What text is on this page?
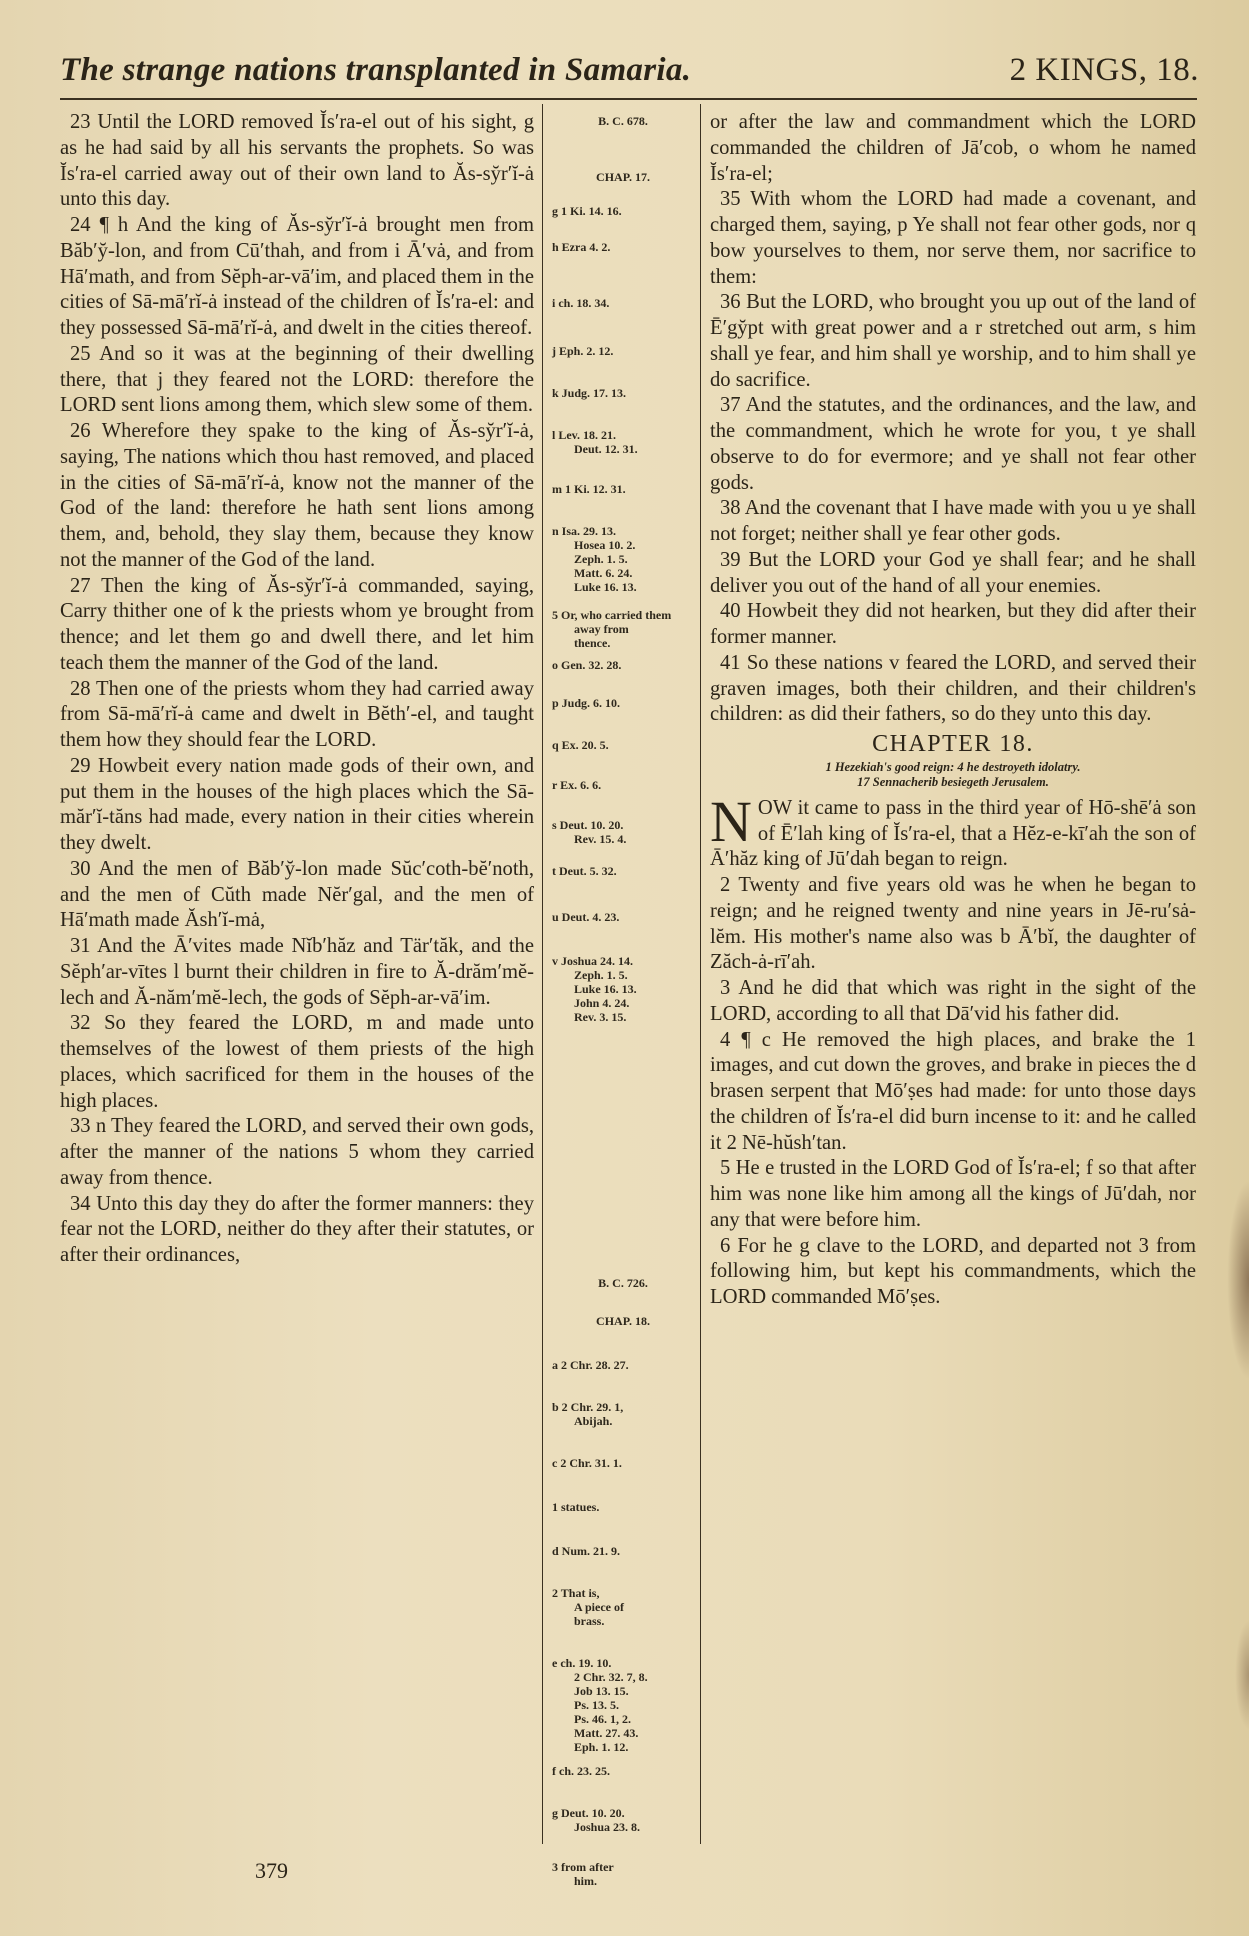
The strange nations transplanted in Samaria.	2 KINGS, 18.

23 Until the LORD removed Ĭs′ra-el out of his sight, g as he had said by all his servants the prophets. So was Ĭs′ra-el carried away out of their own land to Ăs-sy̆r′ĭ-ȧ unto this day.

24 ¶ h And the king of Ăs-sy̆r′ĭ-ȧ brought men from Băb′y̆-lon, and from Cū′thah, and from i Ā′vȧ, and from Hā′math, and from Sĕph-ar-vā′im, and placed them in the cities of Sā-mā′rĭ-ȧ instead of the children of Ĭs′ra-el: and they possessed Sā-mā′rĭ-ȧ, and dwelt in the cities thereof.

25 And so it was at the beginning of their dwelling there, that j they feared not the LORD: therefore the LORD sent lions among them, which slew some of them.

26 Wherefore they spake to the king of Ăs-sy̆r′ĭ-ȧ, saying, The nations which thou hast removed, and placed in the cities of Sā-mā′rĭ-ȧ, know not the manner of the God of the land: therefore he hath sent lions among them, and, behold, they slay them, because they know not the manner of the God of the land.

27 Then the king of Ăs-sy̆r′ĭ-ȧ commanded, saying, Carry thither one of k the priests whom ye brought from thence; and let them go and dwell there, and let him teach them the manner of the God of the land.

28 Then one of the priests whom they had carried away from Sā-mā′rĭ-ȧ came and dwelt in Bĕth′-el, and taught them how they should fear the LORD.

29 Howbeit every nation made gods of their own, and put them in the houses of the high places which the Sā-măr′ĭ-tăns had made, every nation in their cities wherein they dwelt.

30 And the men of Băb′y̆-lon made Sŭc′coth-bĕ′noth, and the men of Cŭth made Nĕr′gal, and the men of Hā′math made Ăsh′ĭ-mȧ,

31 And the Ā′vites made Nĭb′hăz and Tär′tăk, and the Sĕph′ar-vītes l burnt their children in fire to Ă-drăm′mĕ-lech and Ă-năm′mĕ-lech, the gods of Sĕph-ar-vā′im.

32 So they feared the LORD, m and made unto themselves of the lowest of them priests of the high places, which sacrificed for them in the houses of the high places.

33 n They feared the LORD, and served their own gods, after the manner of the nations 5 whom they carried away from thence.

34 Unto this day they do after the former manners: they fear not the LORD, neither do they after their statutes, or after their ordinances,

B. C. 678.
CHAP. 17.
g 1 Ki. 14. 16.
h Ezra 4. 2.
i ch. 18. 34.
j Eph. 2. 12.
k Judg. 17. 13.
l Lev. 18. 21.
Deut. 12. 31.
m 1 Ki. 12. 31.
n Isa. 29. 13.
Hosea 10. 2.
Zeph. 1. 5.
Matt. 6. 24.
Luke 16. 13.
5 Or, who carried them
away from
thence.
o Gen. 32. 28.
p Judg. 6. 10.
q Ex. 20. 5.
r Ex. 6. 6.
s Deut. 10. 20.
Rev. 15. 4.
t Deut. 5. 32.
u Deut. 4. 23.
v Joshua 24. 14.
Zeph. 1. 5.
Luke 16. 13.
John 4. 24.
Rev. 3. 15.
B. C. 726.
CHAP. 18.
a 2 Chr. 28. 27.
b 2 Chr. 29. 1,
Abijah.
c 2 Chr. 31. 1.
1 statues.
d Num. 21. 9.
2 That is,
A piece of
brass.
e ch. 19. 10.
2 Chr. 32. 7, 8.
Job 13. 15.
Ps. 13. 5.
Ps. 46. 1, 2.
Matt. 27. 43.
Eph. 1. 12.
f ch. 23. 25.
g Deut. 10. 20.
Joshua 23. 8.
3 from after
him.

or after the law and commandment which the LORD commanded the children of Jā′cob, o whom he named Ĭs′ra-el;

35 With whom the LORD had made a covenant, and charged them, saying, p Ye shall not fear other gods, nor q bow yourselves to them, nor serve them, nor sacrifice to them:

36 But the LORD, who brought you up out of the land of Ē′gy̆pt with great power and a r stretched out arm, s him shall ye fear, and him shall ye worship, and to him shall ye do sacrifice.

37 And the statutes, and the ordinances, and the law, and the commandment, which he wrote for you, t ye shall observe to do for evermore; and ye shall not fear other gods.

38 And the covenant that I have made with you u ye shall not forget; neither shall ye fear other gods.

39 But the LORD your God ye shall fear; and he shall deliver you out of the hand of all your enemies.

40 Howbeit they did not hearken, but they did after their former manner.

41 So these nations v feared the LORD, and served their graven images, both their children, and their children's children: as did their fathers, so do they unto this day.

CHAPTER 18.
1 Hezekiah's good reign: 4 he destroyeth idolatry.
17 Sennacherib besiegeth Jerusalem.

NOW it came to pass in the third year of Hō-shē′ȧ son of Ē′lah king of Ĭs′ra-el, that a Hĕz-e-kī′ah the son of Ā′hăz king of Jū′dah began to reign.

2 Twenty and five years old was he when he began to reign; and he reigned twenty and nine years in Jē-ru′sȧ-lĕm. His mother's name also was b Ā′bĭ, the daughter of Zăch-ȧ-rī′ah.

3 And he did that which was right in the sight of the LORD, according to all that Dā′vid his father did.

4 ¶ c He removed the high places, and brake the 1 images, and cut down the groves, and brake in pieces the d brasen serpent that Mō′ṣes had made: for unto those days the children of Ĭs′ra-el did burn incense to it: and he called it 2 Nē-hŭsh′tan.

5 He e trusted in the LORD God of Ĭs′ra-el; f so that after him was none like him among all the kings of Jū′dah, nor any that were before him.

6 For he g clave to the LORD, and departed not 3 from following him, but kept his commandments, which the LORD commanded Mō′ṣes.

379
